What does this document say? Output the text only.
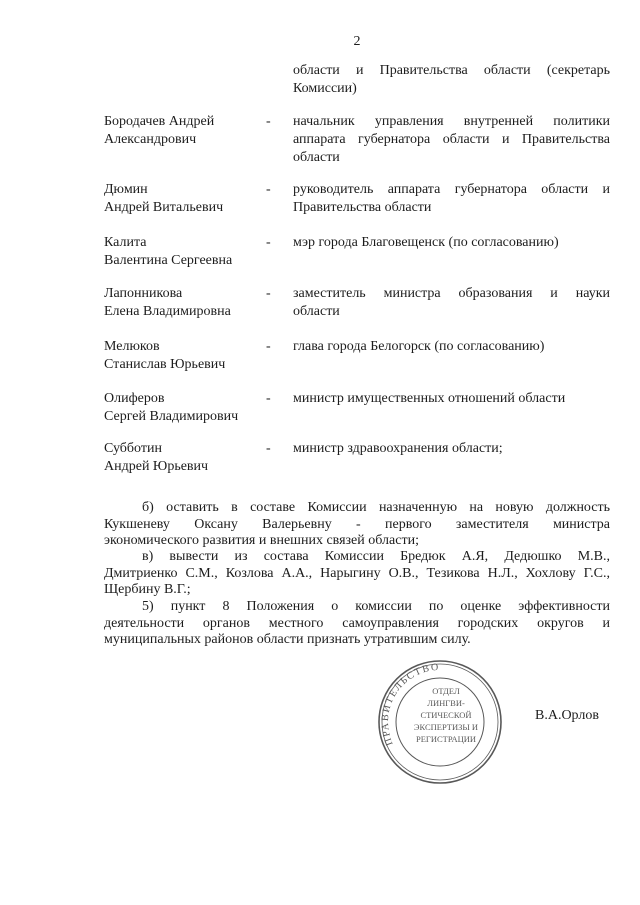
2
области и Правительства области (секретарь
Комиссии)
Бородачев Андрей
Александрович
-	начальник управления внутренней политики
аппарата губернатора области и Правительства
области
Дюмин
Андрей Витальевич
-	руководитель аппарата губернатора области и
Правительства области
Калита
Валентина Сергеевна
-	мэр города Благовещенск (по согласованию)
Лапонникова
Елена Владимировна
-	заместитель министра образования и науки
области
Мелюков
Станислав Юрьевич
-	глава города Белогорск (по согласованию)
Олиферов
Сергей Владимирович
-	министр имущественных отношений области
Субботин
Андрей Юрьевич
-	министр здравоохранения области;
б) оставить в составе Комиссии назначенную на новую должность
Кукшеневу Оксану Валерьевну - первого заместителя министра
экономического развития и внешних связей области;
в) вывести из состава Комиссии Бредюк А.Я, Дедюшко М.В.,
Дмитриенко С.М., Козлова А.А., Нарыгину О.В., Тезикова Н.Л., Хохлову Г.С.,
Щербину В.Г.;
5) пункт 8 Положения о комиссии по оценке эффективности
деятельности органов местного самоуправления городских округов и
муниципальных районов области признать утратившим силу.
ПРАВИТЕЛЬСТВО
ОТДЕЛ
ЛИНГВИ-
СТИЧЕСКОЙ
ЭКСПЕРТИЗЫ И
РЕГИСТРАЦИИ
В.А.Орлов
